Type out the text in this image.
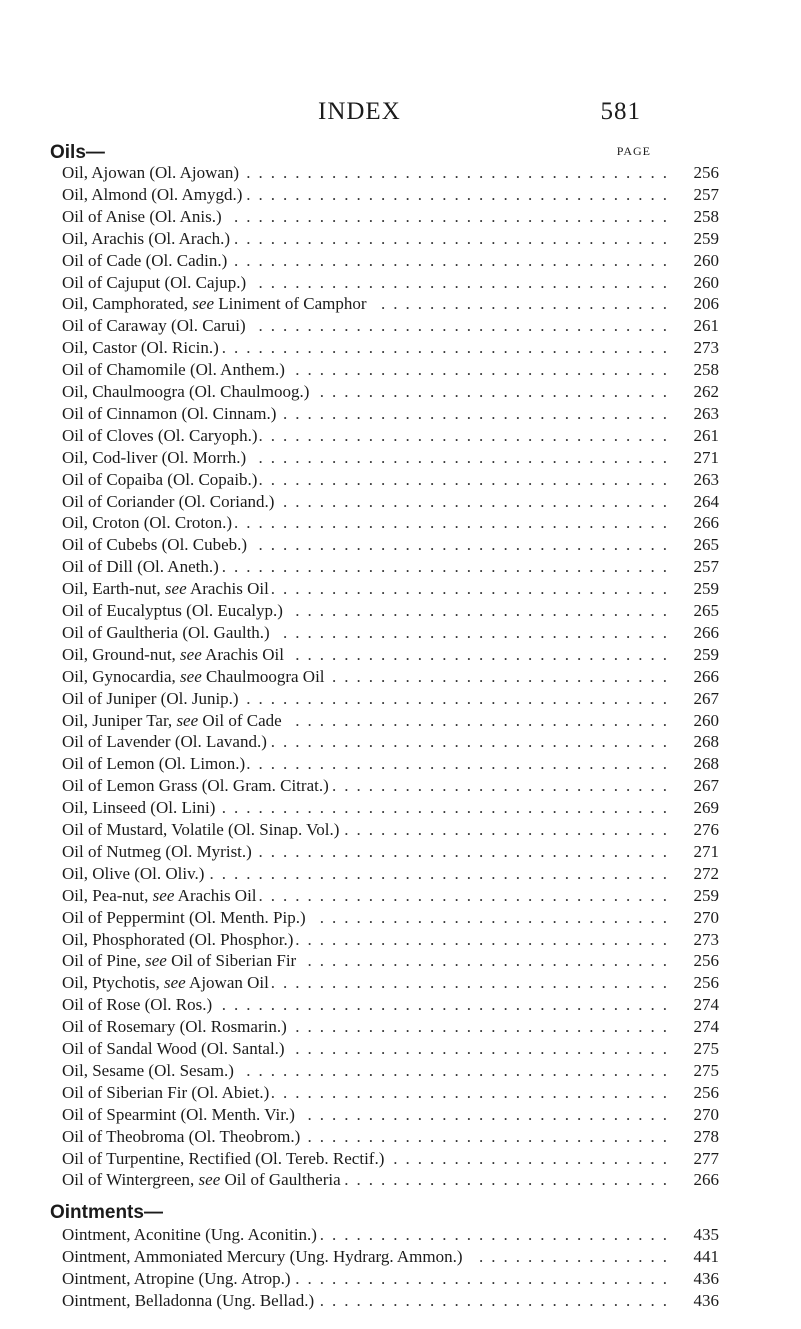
INDEX	581
PAGE
Oils—
...................................
Oil, Ajowan (Ol. Ajowan)	256
...................................
Oil, Almond (Ol. Amygd.)	257
....................................
Oil of Anise (Ol. Anis.)	258
....................................
Oil, Arachis (Ol. Arach.)	259
....................................
Oil of Cade (Ol. Cadin.)	260
..................................
Oil of Cajuput (Ol. Cajup.)	260
........................
Oil, Camphorated, see Liniment of Camphor	206
..................................
Oil of Caraway (Ol. Carui)	261
.....................................
Oil, Castor (Ol. Ricin.)	273
...............................
Oil of Chamomile (Ol. Anthem.)	258
.............................
Oil, Chaulmoogra (Ol. Chaulmoog.)	262
................................
Oil of Cinnamon (Ol. Cinnam.)	263
..................................
Oil of Cloves (Ol. Caryoph.)	261
..................................
Oil, Cod-liver (Ol. Morrh.)	271
..................................
Oil of Copaiba (Ol. Copaib.)	263
................................
Oil of Coriander (Ol. Coriand.)	264
....................................
Oil, Croton (Ol. Croton.)	266
..................................
Oil of Cubebs (Ol. Cubeb.)	265
.....................................
Oil of Dill (Ol. Aneth.)	257
.................................
Oil, Earth-nut, see Arachis Oil	259
...............................
Oil of Eucalyptus (Ol. Eucalyp.)	265
................................
Oil of Gaultheria (Ol. Gaulth.)	266
...............................
Oil, Ground-nut, see Arachis Oil	259
............................
Oil, Gynocardia, see Chaulmoogra Oil	266
...................................
Oil of Juniper (Ol. Junip.)	267
...............................
Oil, Juniper Tar, see Oil of Cade	260
.................................
Oil of Lavender (Ol. Lavand.)	268
...................................
Oil of Lemon (Ol. Limon.)	268
............................
Oil of Lemon Grass (Ol. Gram. Citrat.)	267
.....................................
Oil, Linseed (Ol. Lini)	269
...........................
Oil of Mustard, Volatile (Ol. Sinap. Vol.)	276
..................................
Oil of Nutmeg (Ol. Myrist.)	271
......................................
Oil, Olive (Ol. Oliv.)	272
..................................
Oil, Pea-nut, see Arachis Oil	259
.............................
Oil of Peppermint (Ol. Menth. Pip.)	270
...............................
Oil, Phosphorated (Ol. Phosphor.)	273
..............................
Oil of Pine, see Oil of Siberian Fir	256
.................................
Oil, Ptychotis, see Ajowan Oil	256
.....................................
Oil of Rose (Ol. Ros.)	274
...............................
Oil of Rosemary (Ol. Rosmarin.)	274
...............................
Oil of Sandal Wood (Ol. Santal.)	275
...................................
Oil, Sesame (Ol. Sesam.)	275
.................................
Oil of Siberian Fir (Ol. Abiet.)	256
..............................
Oil of Spearmint (Ol. Menth. Vir.)	270
..............................
Oil of Theobroma (Ol. Theobrom.)	278
.......................
Oil of Turpentine, Rectified (Ol. Tereb. Rectif.)	277
...........................
Oil of Wintergreen, see Oil of Gaultheria	266
Ointments—
.............................
Ointment, Aconitine (Ung. Aconitin.)	435
................
Ointment, Ammoniated Mercury (Ung. Hydrarg. Ammon.)	441
...............................
Ointment, Atropine (Ung. Atrop.)	436
.............................
Ointment, Belladonna (Ung. Bellad.)	436
